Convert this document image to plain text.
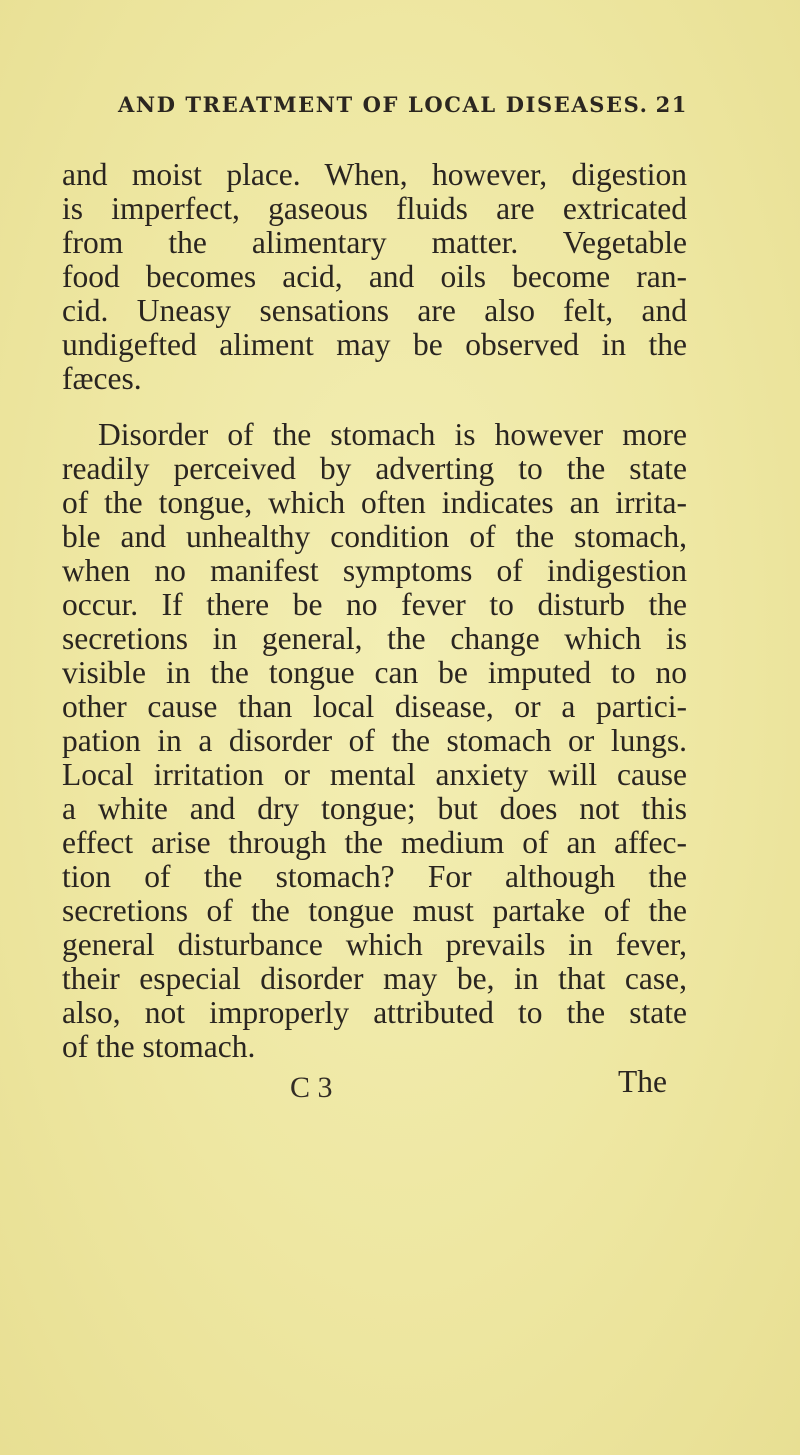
AND TREATMENT OF LOCAL DISEASES. 21
and moist place. When, however, digestion
is imperfect, gaseous fluids are extricated
from the alimentary matter. Vegetable
food becomes acid, and oils become ran-
cid. Uneasy sensations are also felt, and
undigefted aliment may be observed in the
fæces.
Disorder of the stomach is however more
readily perceived by adverting to the state
of the tongue, which often indicates an irrita-
ble and unhealthy condition of the stomach,
when no manifest symptoms of indigestion
occur. If there be no fever to disturb the
secretions in general, the change which is
visible in the tongue can be imputed to no
other cause than local disease, or a partici-
pation in a disorder of the stomach or lungs.
Local irritation or mental anxiety will cause
a white and dry tongue; but does not this
effect arise through the medium of an affec-
tion of the stomach? For although the
secretions of the tongue must partake of the
general disturbance which prevails in fever,
their especial disorder may be, in that case,
also, not improperly attributed to the state
of the stomach.
C 3	The
